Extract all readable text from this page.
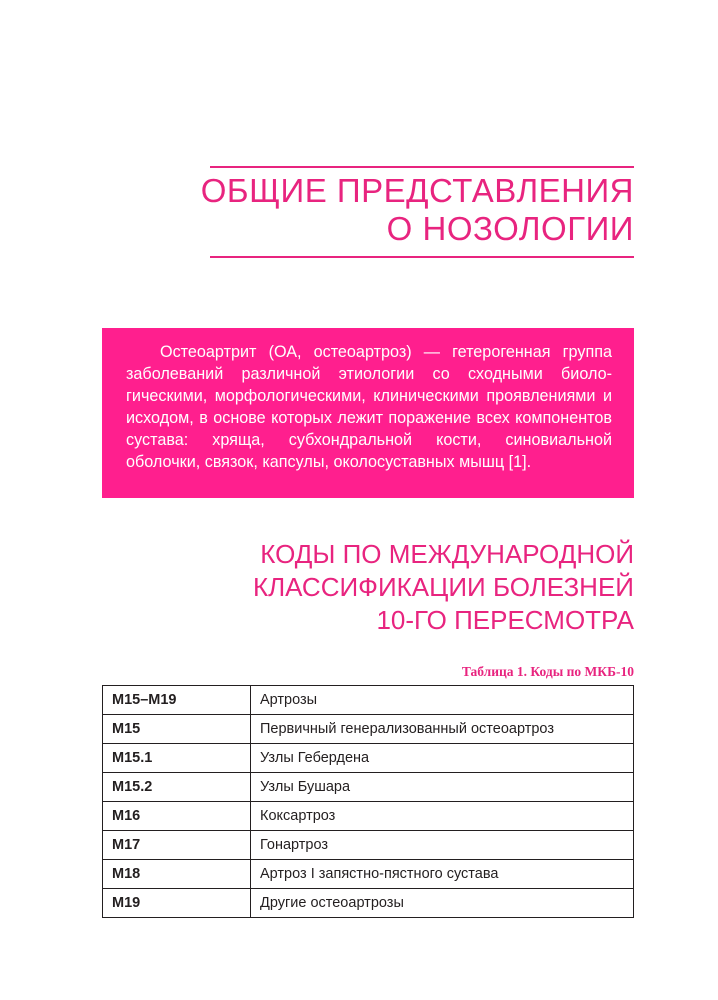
ОБЩИЕ ПРЕДСТАВЛЕНИЯ
О НОЗОЛОГИИ

Остеоартрит (ОА, остеоартроз) — гетерогенная группа заболеваний различной этиологии со сходными биологическими, морфологическими, клиническими проявлениями и исходом, в основе которых лежит поражение всех компонентов сустава: хряща, субхондральной кости, синовиальной оболочки, связок, капсулы, околосуставных мышц [1].

КОДЫ ПО МЕЖДУНАРОДНОЙ
КЛАССИФИКАЦИИ БОЛЕЗНЕЙ
10-ГО ПЕРЕСМОТРА
Таблица 1. Коды по МКБ-10
M15–M19	Артрозы
M15	Первичный генерализованный остеоартроз
M15.1	Узлы Гебердена
M15.2	Узлы Бушара
M16	Коксартроз
M17	Гонартроз
M18	Артроз I запястно-пястного сустава
M19	Другие остеоартрозы
